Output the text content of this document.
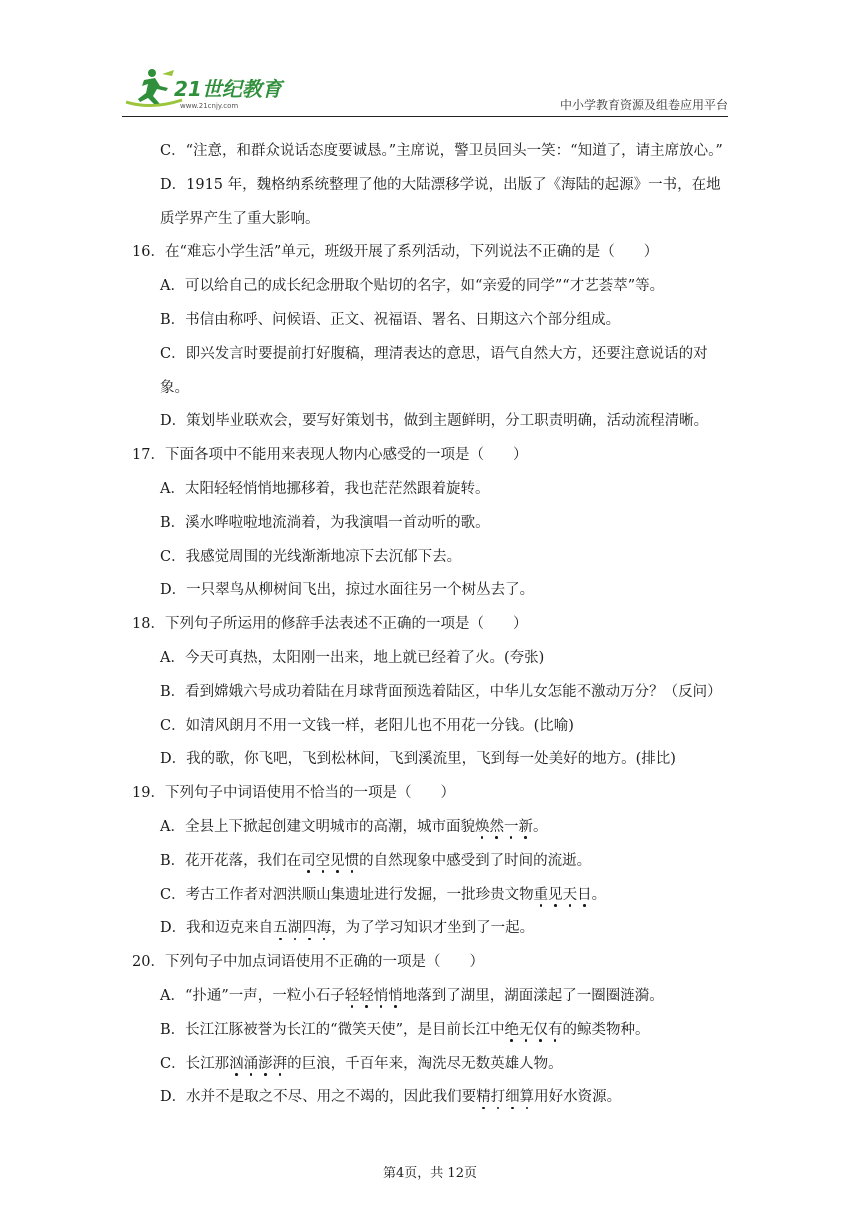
21世纪教育
www.21cnjy.com	中小学教育资源及组卷应用平台
C．“注意，和群众说话态度要诚恳。”主席说，警卫员回头一笑：“知道了，请主席放心。”
D．1915 年，魏格纳系统整理了他的大陆漂移学说，出版了《海陆的起源》一书，在地
质学界产生了重大影响。
16．在“难忘小学生活”单元，班级开展了系列活动，下列说法不正确的是（　　）
A．可以给自己的成长纪念册取个贴切的名字，如“亲爱的同学”“才艺荟萃”等。
B．书信由称呼、问候语、正文、祝福语、署名、日期这六个部分组成。
C．即兴发言时要提前打好腹稿，理清表达的意思，语气自然大方，还要注意说话的对
象。
D．策划毕业联欢会，要写好策划书，做到主题鲜明，分工职责明确，活动流程清晰。
17．下面各项中不能用来表现人物内心感受的一项是（　　）
A．太阳轻轻悄悄地挪移着，我也茫茫然跟着旋转。
B．溪水哗啦啦地流淌着，为我演唱一首动听的歌。
C．我感觉周围的光线渐渐地凉下去沉郁下去。
D．一只翠鸟从柳树间飞出，掠过水面往另一个树丛去了。
18．下列句子所运用的修辞手法表述不正确的一项是（　　）
A．今天可真热，太阳刚一出来，地上就已经着了火。(夸张)
B．看到嫦娥六号成功着陆在月球背面预选着陆区，中华儿女怎能不激动万分？（反问）
C．如清风朗月不用一文钱一样，老阳儿也不用花一分钱。(比喻)
D．我的歌，你飞吧，飞到松林间，飞到溪流里，飞到每一处美好的地方。(排比)
19．下列句子中词语使用不恰当的一项是（　　）
A．全县上下掀起创建文明城市的高潮，城市面貌焕然一新。
B．花开花落，我们在司空见惯的自然现象中感受到了时间的流逝。
C．考古工作者对泗洪顺山集遗址进行发掘，一批珍贵文物重见天日。
D．我和迈克来自五湖四海，为了学习知识才坐到了一起。
20．下列句子中加点词语使用不正确的一项是（　　）
A．“扑通”一声，一粒小石子轻轻悄悄地落到了湖里，湖面漾起了一圈圈涟漪。
B．长江江豚被誉为长江的“微笑天使”，是目前长江中绝无仅有的鲸类物种。
C．长江那汹涌澎湃的巨浪，千百年来，淘洗尽无数英雄人物。
D．水并不是取之不尽、用之不竭的，因此我们要精打细算用好水资源。
第4页，共 12页
